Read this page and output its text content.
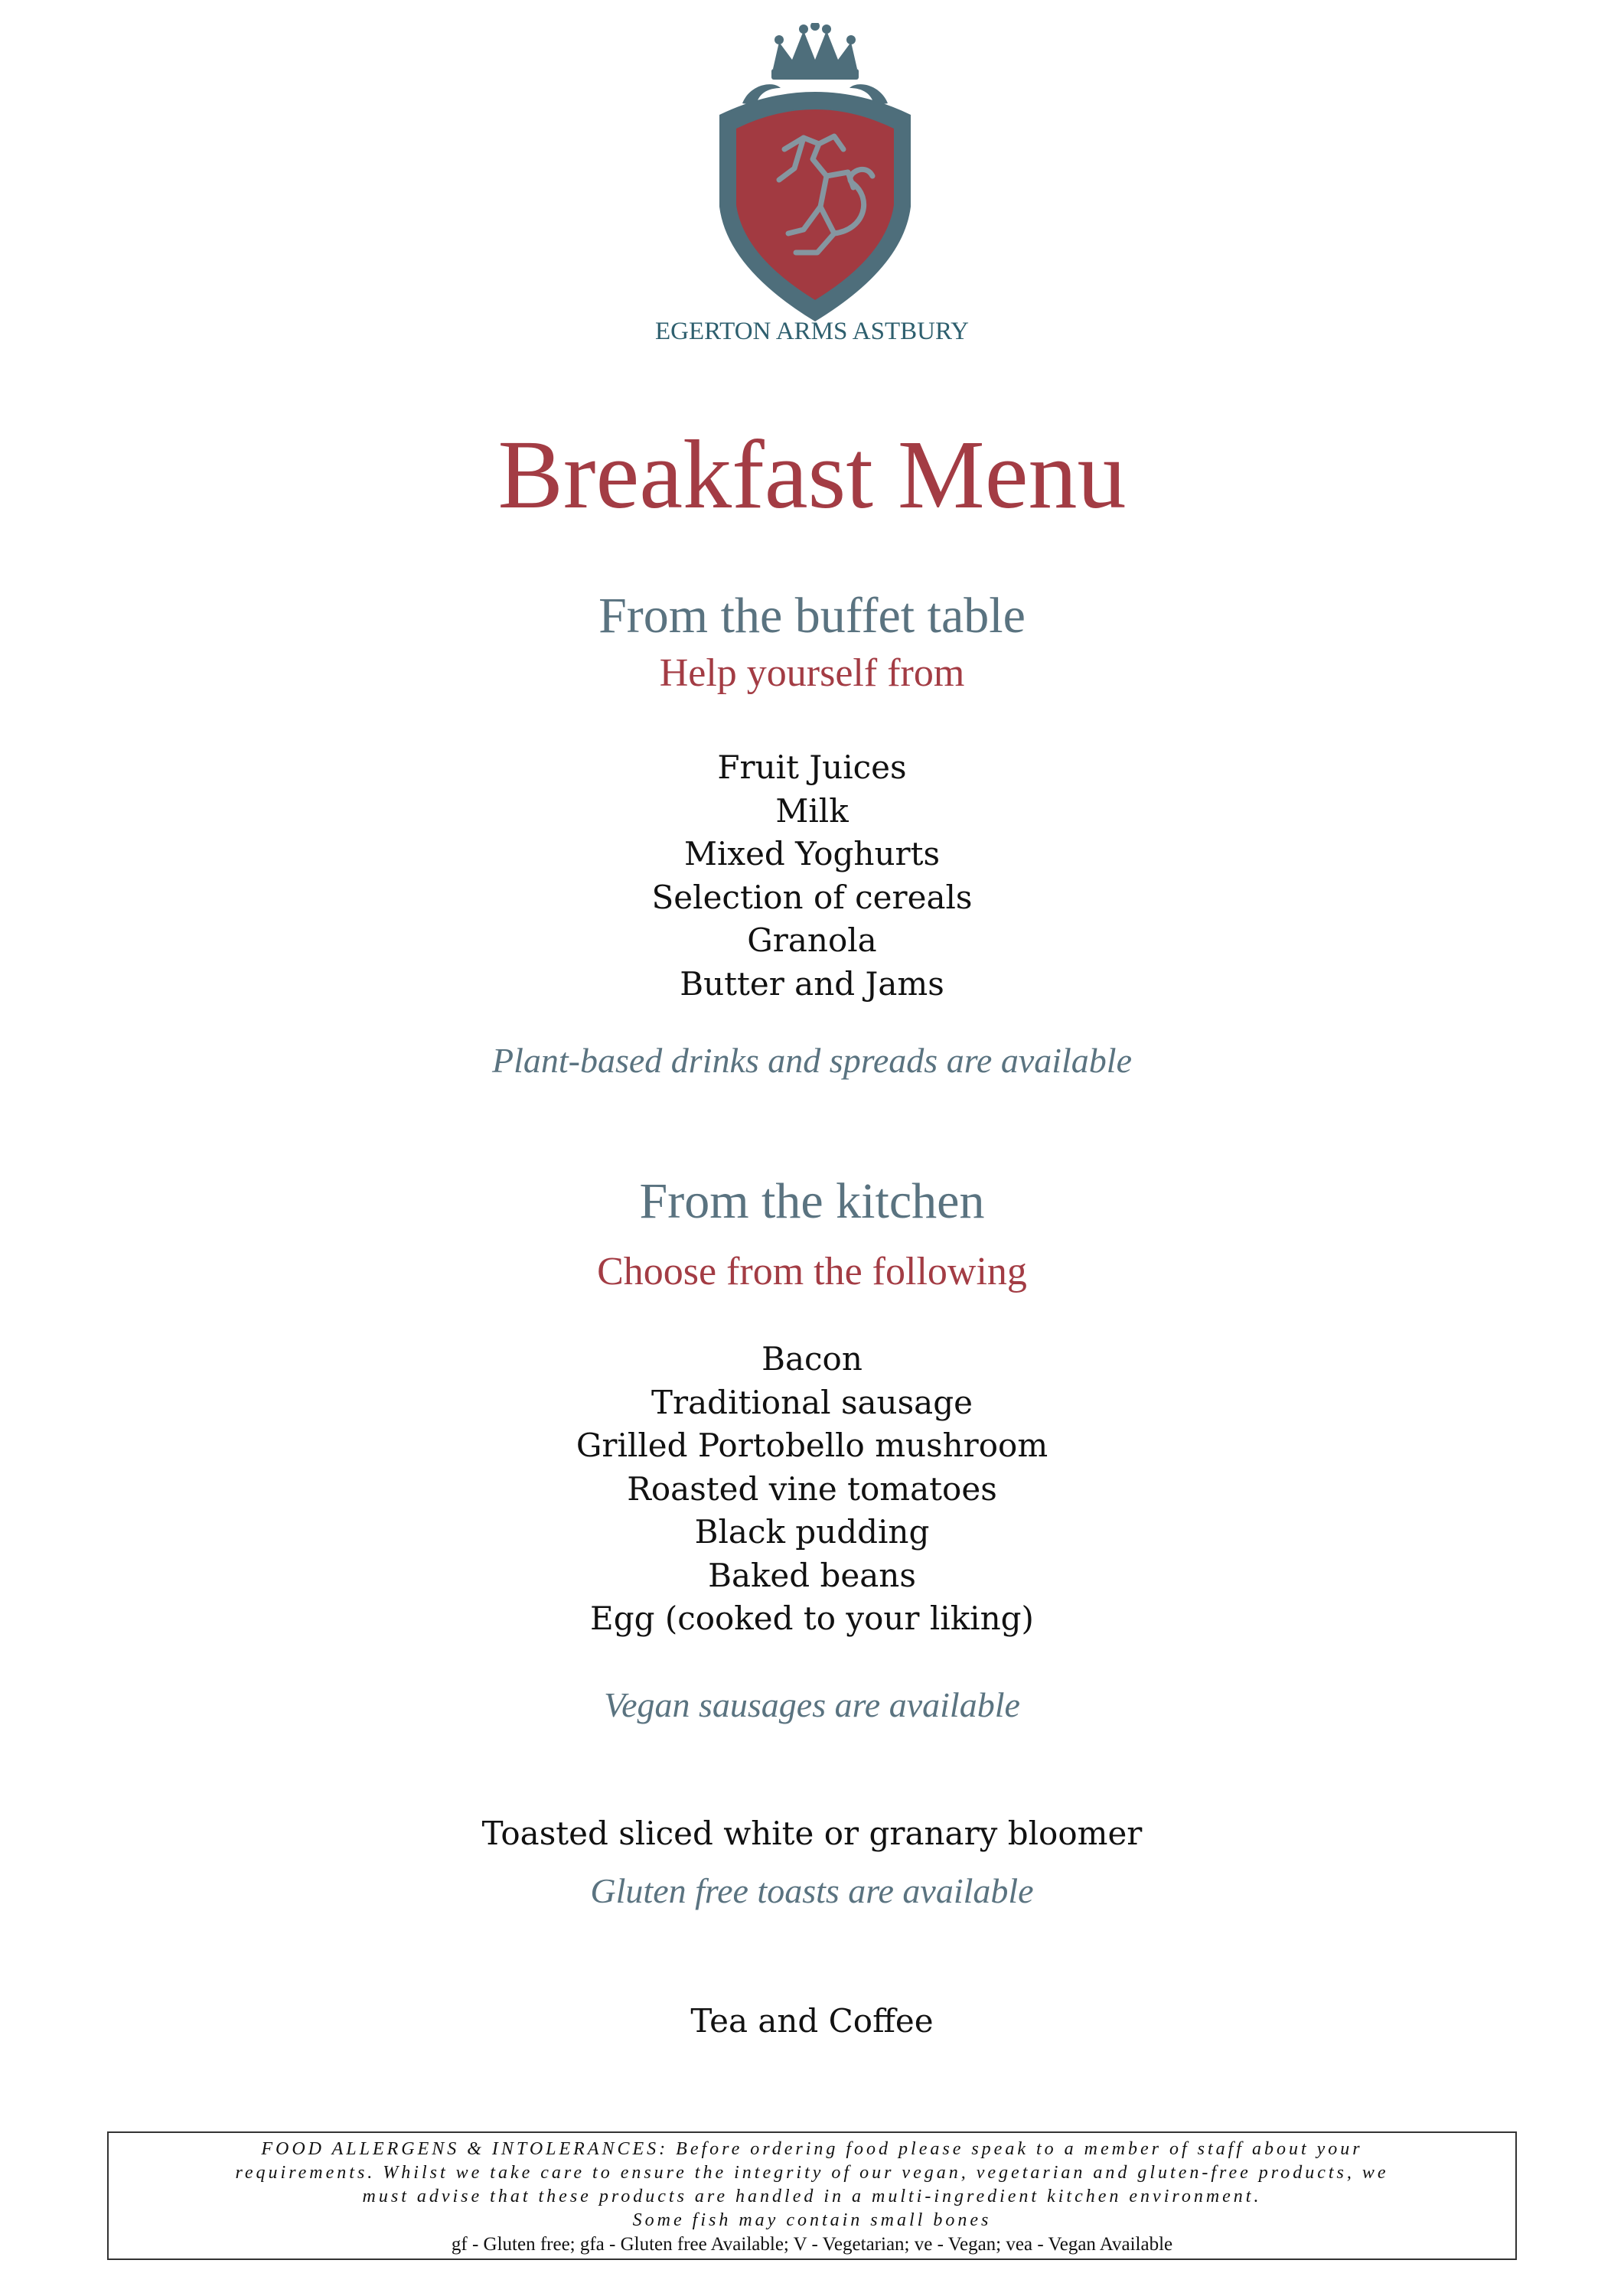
EGERTON ARMS ASTBURY
Breakfast Menu
From the buffet table
Help yourself from
Fruit Juices
Milk
Mixed Yoghurts
Selection of cereals
Granola
Butter and Jams
Plant-based drinks and spreads are available
From the kitchen
Choose from the following
Bacon
Traditional sausage
Grilled Portobello mushroom
Roasted vine tomatoes
Black pudding
Baked beans
Egg (cooked to your liking)
Vegan sausages are available
Toasted sliced white or granary bloomer
Gluten free toasts are available
Tea and Coffee
FOOD ALLERGENS & INTOLERANCES: Before ordering food please speak to a member of staff about your
requirements. Whilst we take care to ensure the integrity of our vegan, vegetarian and gluten-free products, we
must advise that these products are handled in a multi-ingredient kitchen environment.
Some fish may contain small bones
gf - Gluten free; gfa - Gluten free Available; V - Vegetarian; ve - Vegan; vea - Vegan Available
